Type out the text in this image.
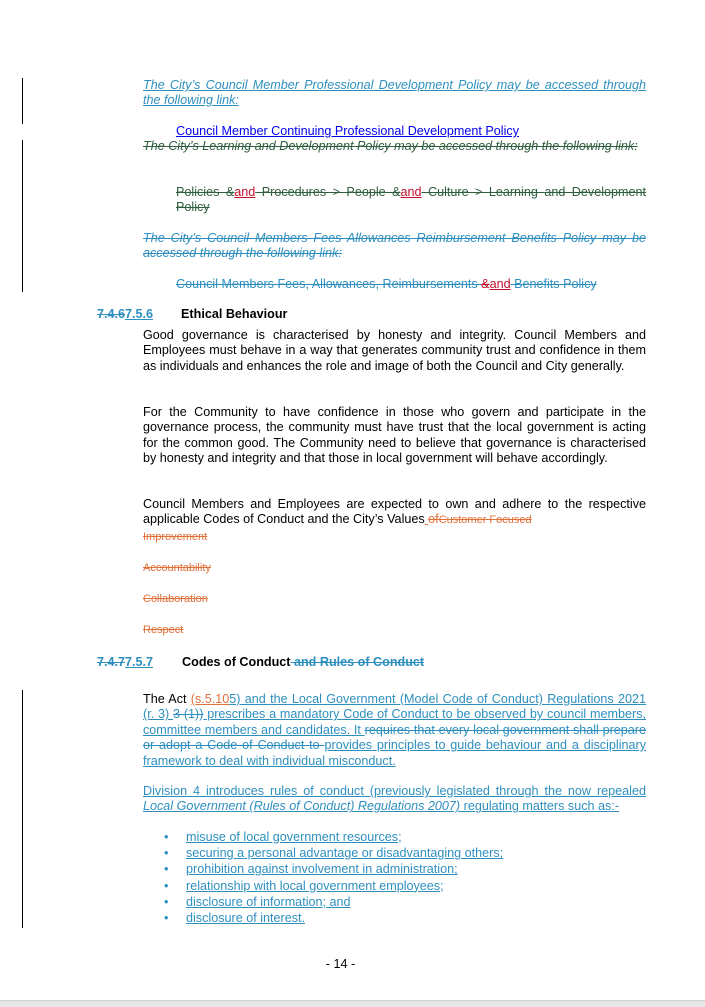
The City’s Council Member Professional Development Policy may be accessed through the following link:
Council Member Continuing Professional Development Policy
The City’s Learning and Development Policy may be accessed through the following link:
Policies &and Procedures > People &and Culture > Learning and Development Policy
The City’s Council Members Fees Allowances Reimbursement Benefits Policy may be accessed through the following link:
Council Members Fees, Allowances, Reimbursements &and Benefits Policy
7.4.67.5.6 Ethical Behaviour
Good governance is characterised by honesty and integrity. Council Members and Employees must behave in a way that generates community trust and confidence in them as individuals and enhances the role and image of both the Council and City generally.
For the Community to have confidence in those who govern and participate in the governance process, the community must have trust that the local government is acting for the common good. The Community need to believe that governance is characterised by honesty and integrity and that those in local government will behave accordingly.
Council Members and Employees are expected to own and adhere to the respective applicable Codes of Conduct and the City’s Values ofCustomer Focused
Improvement
Accountability
Collaboration
Respect
7.4.77.5.7 Codes of Conduct and Rules of Conduct
The Act (s.5.105) and the Local Government (Model Code of Conduct) Regulations 2021 (r. 3) 3 (1)) prescribes a mandatory Code of Conduct to be observed by council members, committee members and candidates. It requires that every local government shall prepare or adopt a Code of Conduct to provides principles to guide behaviour and a disciplinary framework to deal with individual misconduct.
Division 4 introduces rules of conduct (previously legislated through the now repealed Local Government (Rules of Conduct) Regulations 2007) regulating matters such as:-
• misuse of local government resources;
• securing a personal advantage or disadvantaging others;
• prohibition against involvement in administration;
• relationship with local government employees;
• disclosure of information; and
• disclosure of interest.
- 14 -
